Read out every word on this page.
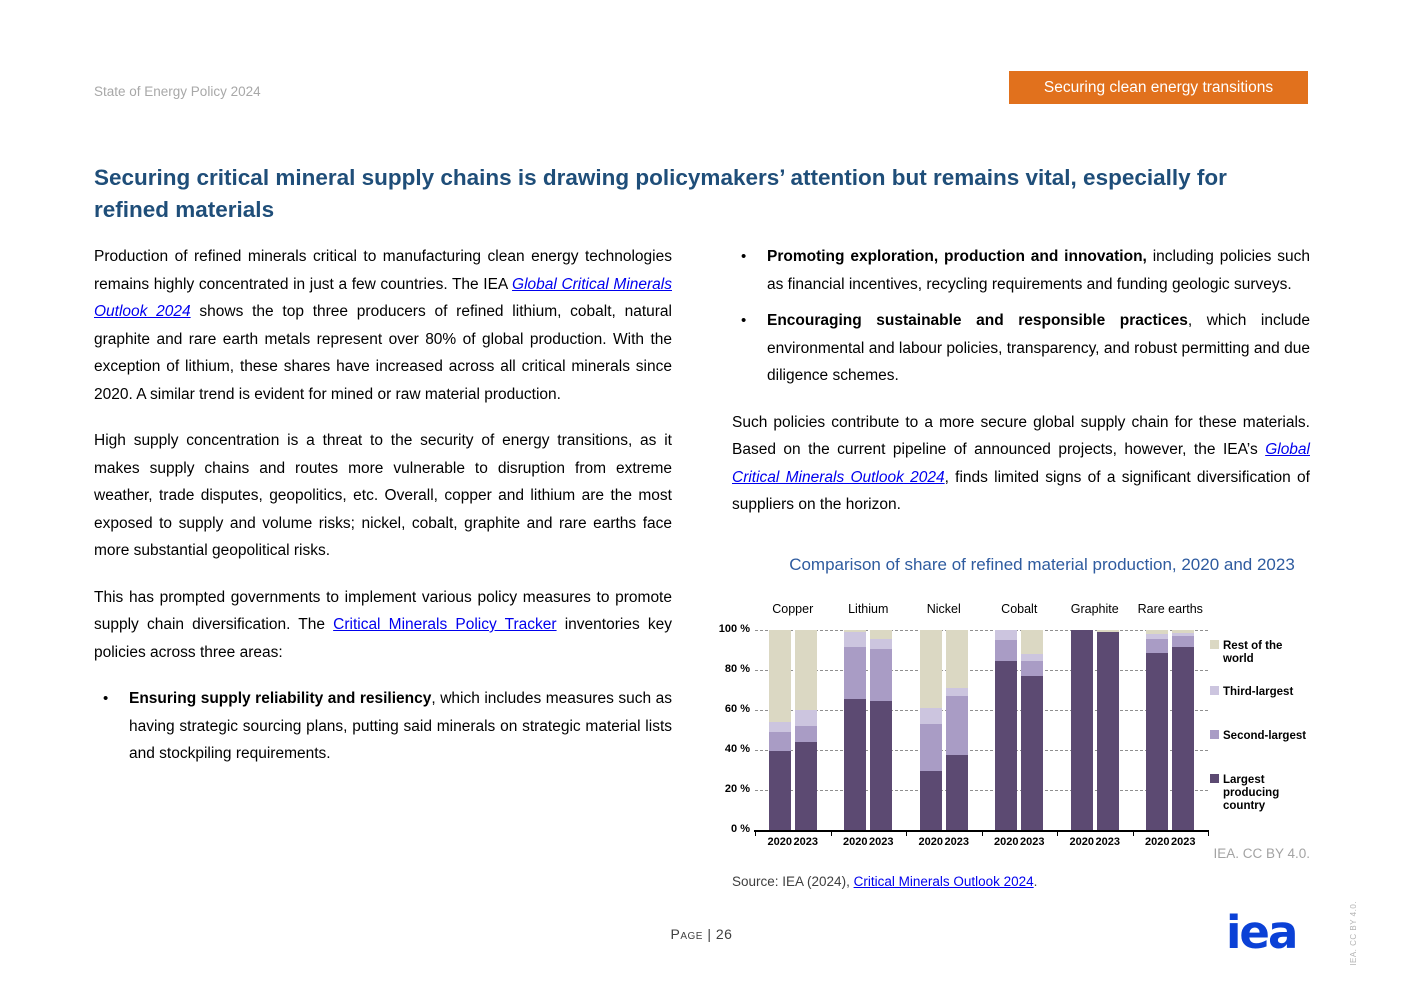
State of Energy Policy 2024	Securing clean energy transitions
Securing critical mineral supply chains is drawing policymakers’ attention but remains vital, especially for refined materials

Production of refined minerals critical to manufacturing clean energy technologies remains highly concentrated in just a few countries. The IEA Global Critical Minerals Outlook 2024 shows the top three producers of refined lithium, cobalt, natural graphite and rare earth metals represent over 80% of global production. With the exception of lithium, these shares have increased across all critical minerals since 2020. A similar trend is evident for mined or raw material production.

High supply concentration is a threat to the security of energy transitions, as it makes supply chains and routes more vulnerable to disruption from extreme weather, trade disputes, geopolitics, etc. Overall, copper and lithium are the most exposed to supply and volume risks; nickel, cobalt, graphite and rare earths face more substantial geopolitical risks.

This has prompted governments to implement various policy measures to promote supply chain diversification. The Critical Minerals Policy Tracker inventories key policies across three areas:

• Ensuring supply reliability and resiliency, which includes measures such as having strategic sourcing plans, putting said minerals on strategic material lists and stockpiling requirements.
• Promoting exploration, production and innovation, including policies such as financial incentives, recycling requirements and funding geologic surveys.
• Encouraging sustainable and responsible practices, which include environmental and labour policies, transparency, and robust permitting and due diligence schemes.

Such policies contribute to a more secure global supply chain for these materials. Based on the current pipeline of announced projects, however, the IEA’s Global Critical Minerals Outlook 2024, finds limited signs of a significant diversification of suppliers on the horizon.

Comparison of share of refined material production, 2020 and 2023
IEA. CC BY 4.0.
0 %
20 %
40 %
60 %
80 %
100 %
Copper
2020 2023
Lithium
2020 2023
Nickel
2020 2023
Cobalt
2020 2023
Graphite
2020 2023
Rare earths
2020 2023
Rest of the
world
Third-largest
Second-largest
Largest
producing
country

Source: IEA (2024), Critical Minerals Outlook 2024.

Page | 26	iea	IEA. CC BY 4.0.
